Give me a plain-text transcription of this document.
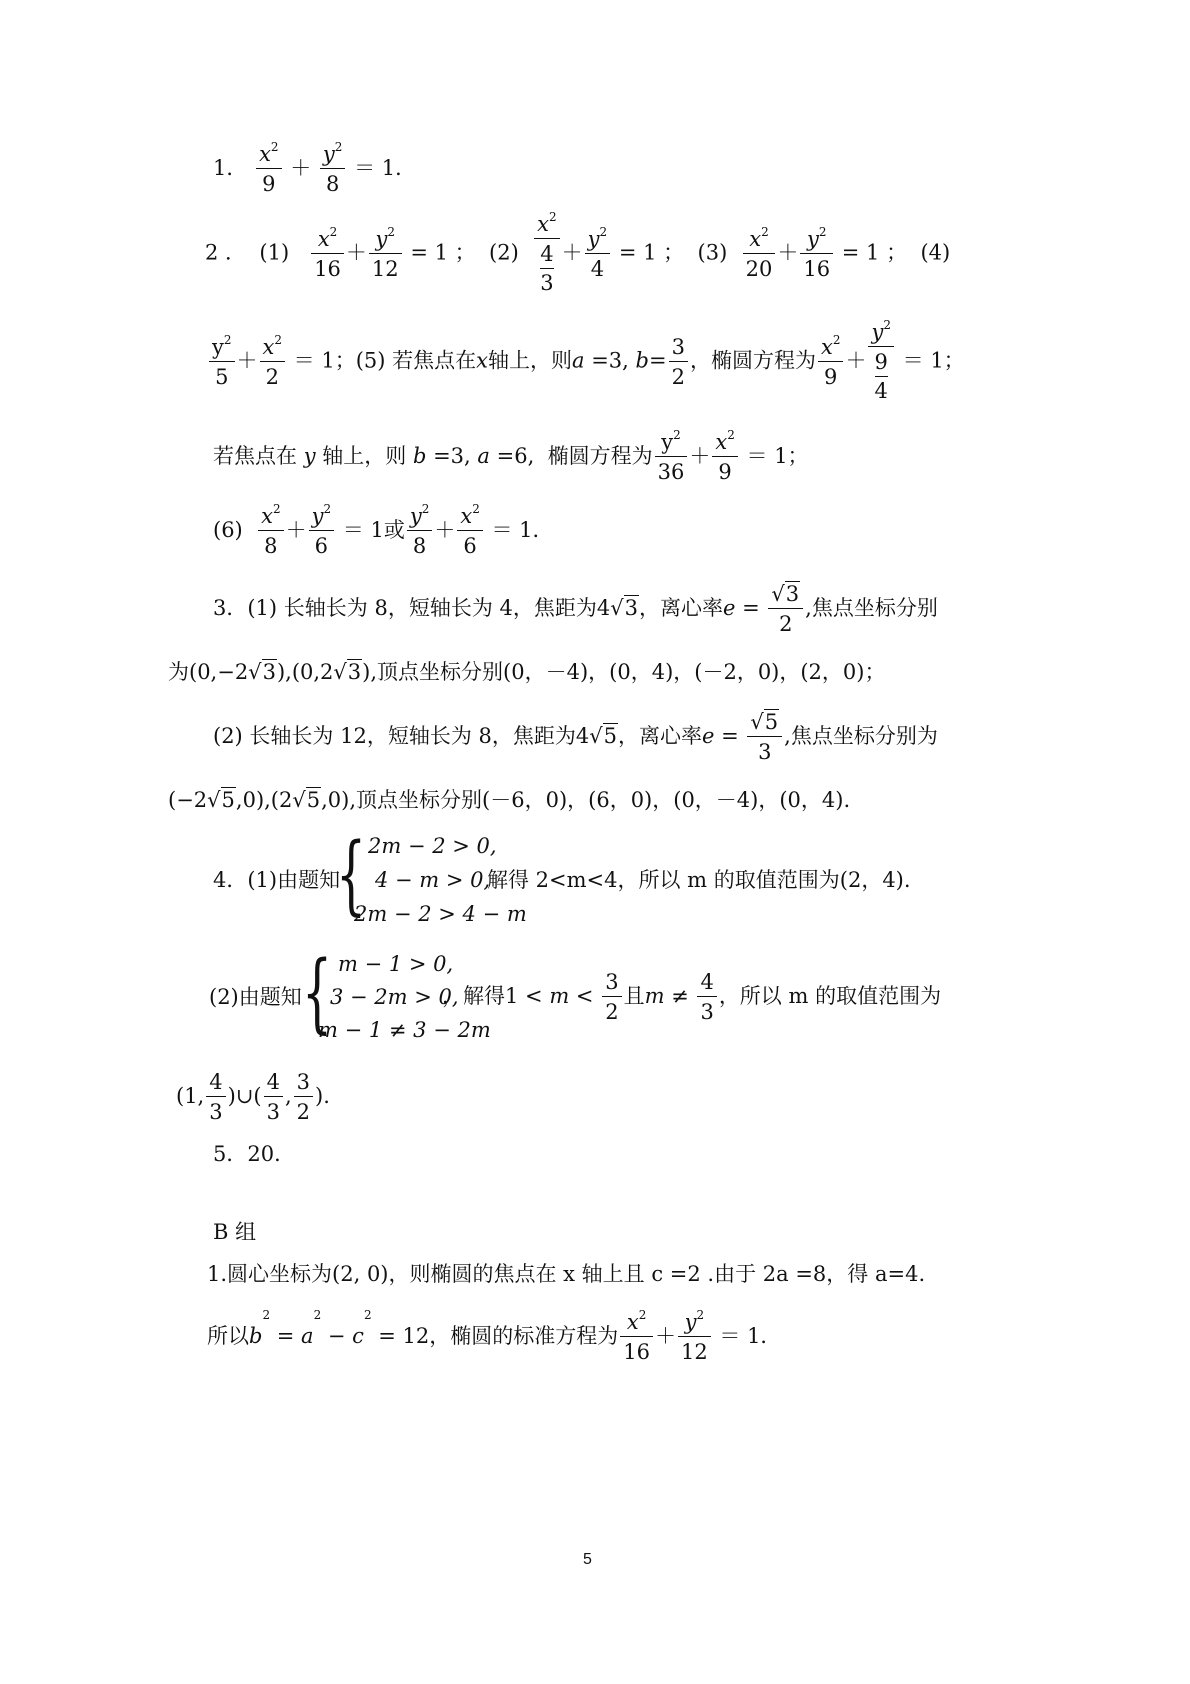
1． $\frac{x^2}{9} + \frac{y^2}{8} = 1$．
2 ． $(1) \frac{x^2}{16} + \frac{y^2}{12} = 1$ ； (2)
$x^2$
4
3
＋ $\frac{y^2}{4} = 1$ ； $(3) \frac{x^2}{20} + \frac{y^2}{16} = 1$ ； (4)
$\frac{y^2}{5} + \frac{x^2}{2} = 1$；(5) 若焦点在x轴上，则a =3, $b= \frac{3}{2}$ ，椭圆方程为 $\frac{x^2}{9}$ ＋
$y^2$
9
4
＝ 1；
若焦点在 y 轴上，则 b =3, a =6, 椭圆方程为 $\frac{y^2}{36} + \frac{x^2}{9} = 1$；
$(6) \frac{x^2}{8} + \frac{y^2}{6} = 1$或 $\frac{y^2}{8} + \frac{x^2}{6} = 1$．
3．(1) 长轴长为 8，短轴长为 4，焦距为4√3，离心率$e = \frac{√3}{2}$ ,焦点坐标分别
为(0,−2√3),(0,2√3),顶点坐标分别(0，－4)，(0，4)，(－2，0)，(2，0)；
(2) 长轴长为 12，短轴长为 8，焦距为4√5，离心率$e = \frac{√5}{3}$ ,焦点坐标分别为
(−2√5,0),(2√5,0),顶点坐标分别(－6，0)，(6，0)，(0，－4)，(0，4).
4．(1)由题知
{ 2m − 2 > 0,
4 − m > 0,
2m − 2 > 4 − m
解得 2<m<4，所以 m 的取值范围为(2，4).
(2)由题知 { m − 1 > 0,
3 − 2m > 0,
m − 1 ≠ 3 − 2m
，解得$1 < m < \frac{3}{2}$ 且$m \ne \frac{4}{3}$ ，所以 m 的取值范围为
(1, $\frac{4}{3}$ )∪( $\frac{4}{3}$ , $\frac{3}{2}$ ).
5．20．
B 组
1.圆心坐标为(2, 0)，则椭圆的焦点在 x 轴上且 c =2 .由于 2a =8，得 a=4.
所以$b^2 = a^2 - c^2 = 12$，椭圆的标准方程为 $\frac{x^2}{16} + \frac{y^2}{12} = 1$．
5
